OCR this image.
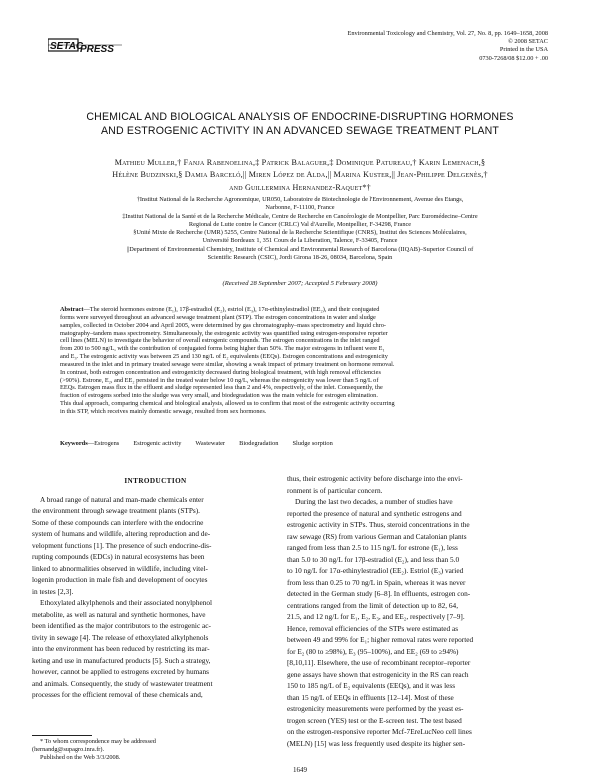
SETAC
PRESS
Environmental Toxicology and Chemistry, Vol. 27, No. 8, pp. 1649–1658, 2008
© 2008 SETAC
Printed in the USA
0730-7268/08 $12.00 + .00
CHEMICAL AND BIOLOGICAL ANALYSIS OF ENDOCRINE-DISRUPTING HORMONES
AND ESTROGENIC ACTIVITY IN AN ADVANCED SEWAGE TREATMENT PLANT
Mathieu Muller,† Fanja Rabenoelina,‡ Patrick Balaguer,‡ Dominique Patureau,† Karin Lemenach,§
Hélène Budzinski,§ Damia Barceló,|| Miren López de Alda,|| Marina Kuster,|| Jean-Philippe Delgenès,†
and Guillermina Hernandez-Raquet*†
†Institut National de la Recherche Agronomique, UR050, Laboratoire de Biotechnologie de l'Environnement, Avenue des Etangs,
Narbonne, F-11100, France
‡Institut National de la Santé et de la Recherche Médicale, Centre de Recherche en Cancérologie de Montpellier, Parc Euromédecine–Centre
Regional de Lutte contre le Cancer (CRLC) Val d'Aurelle, Montpellier, F-34298, France
§Unité Mixte de Recherche (UMR) 5255, Centre National de la Recherche Scientifique (CNRS), Institut des Sciences Moléculaires,
Université Bordeaux 1, 351 Cours de la Liberation, Talence, F-33405, France
||Department of Environmental Chemistry, Institute of Chemical and Environmental Research of Barcelona (IIQAB)–Superior Council of
Scientific Research (CSIC), Jordi Girona 18-26, 08034, Barcelona, Spain
(Received 28 September 2007; Accepted 5 February 2008)
Abstract—The steroid hormones estrone (E₁), 17β-estradiol (E₂), estriol (E₃), 17α-ethinylestradiol (EE₂), and their conjugated
forms were surveyed throughout an advanced sewage treatment plant (STP). The estrogen concentrations in water and sludge
samples, collected in October 2004 and April 2005, were determined by gas chromatography–mass spectrometry and liquid chro-
matography–tandem mass spectrometry. Simultaneously, the estrogenic activity was quantified using estrogen-responsive reporter
cell lines (MELN) to investigate the behavior of overall estrogenic compounds. The estrogen concentrations in the inlet ranged
from 200 to 500 ng/L, with the contribution of conjugated forms being higher than 50%. The major estrogens in influent were E₁
and E₃. The estrogenic activity was between 25 and 130 ng/L of E₂ equivalents (EEQs). Estrogen concentrations and estrogenicity
measured in the inlet and in primary treated sewage were similar, showing a weak impact of primary treatment on hormone removal.
In contrast, both estrogen concentration and estrogenicity decreased during biological treatment, with high removal efficiencies
(>90%). Estrone, E₂, and EE₂ persisted in the treated water below 10 ng/L, whereas the estrogenicity was lower than 5 ng/L of
EEQs. Estrogen mass flux in the effluent and sludge represented less than 2 and 4%, respectively, of the inlet. Consequently, the
fraction of estrogens sorbed into the sludge was very small, and biodegradation was the main vehicle for estrogen elimination.
This dual approach, comparing chemical and biological analysis, allowed us to confirm that most of the estrogenic activity occurring
in this STP, which receives mainly domestic sewage, resulted from sex hormones.
Keywords—Estrogens Estrogenic activity Wastewater Biodegradation Sludge sorption
INTRODUCTION
A broad range of natural and man-made chemicals enter
the environment through sewage treatment plants (STPs).
Some of these compounds can interfere with the endocrine
system of humans and wildlife, altering reproduction and de-
velopment functions [1]. The presence of such endocrine-dis-
rupting compounds (EDCs) in natural ecosystems has been
linked to abnormalities observed in wildlife, including vitel-
logenin production in male fish and development of oocytes
in testes [2,3].
Ethoxylated alkylphenols and their associated nonylphenol
metabolite, as well as natural and synthetic hormones, have
been identified as the major contributors to the estrogenic ac-
tivity in sewage [4]. The release of ethoxylated alkylphenols
into the environment has been reduced by restricting its mar-
keting and use in manufactured products [5]. Such a strategy,
however, cannot be applied to estrogens excreted by humans
and animals. Consequently, the study of wastewater treatment
processes for the efficient removal of these chemicals and,
thus, their estrogenic activity before discharge into the envi-
ronment is of particular concern.
During the last two decades, a number of studies have
reported the presence of natural and synthetic estrogens and
estrogenic activity in STPs. Thus, steroid concentrations in the
raw sewage (RS) from various German and Catalonian plants
ranged from less than 2.5 to 115 ng/L for estrone (E₁), less
than 5.0 to 30 ng/L for 17β-estradiol (E₂), and less than 5.0
to 10 ng/L for 17α-ethinylestradiol (EE₂). Estriol (E₃) varied
from less than 0.25 to 70 ng/L in Spain, whereas it was never
detected in the German study [6–8]. In effluents, estrogen con-
centrations ranged from the limit of detection up to 82, 64,
21.5, and 12 ng/L for E₁, E₂, E₃, and EE₂, respectively [7–9].
Hence, removal efficiencies of the STPs were estimated as
between 49 and 99% for E₁; higher removal rates were reported
for E₂ (80 to ≥98%), E₃ (95–100%), and EE₂ (69 to ≥94%)
[8,10,11]. Elsewhere, the use of recombinant receptor–reporter
gene assays have shown that estrogenicity in the RS can reach
150 to 185 ng/L of E₂ equivalents (EEQs), and it was less
than 15 ng/L of EEQs in effluents [12–14]. Most of these
estrogenicity measurements were performed by the yeast es-
trogen screen (YES) test or the E-screen test. The test based
on the estrogen-responsive reporter Mcf-7EreLucNeo cell lines
(MELN) [15] was less frequently used despite its higher sen-
* To whom correspondence may be addressed
(hernandg@supagro.inra.fr).
Published on the Web 3/3/2008.
1649
